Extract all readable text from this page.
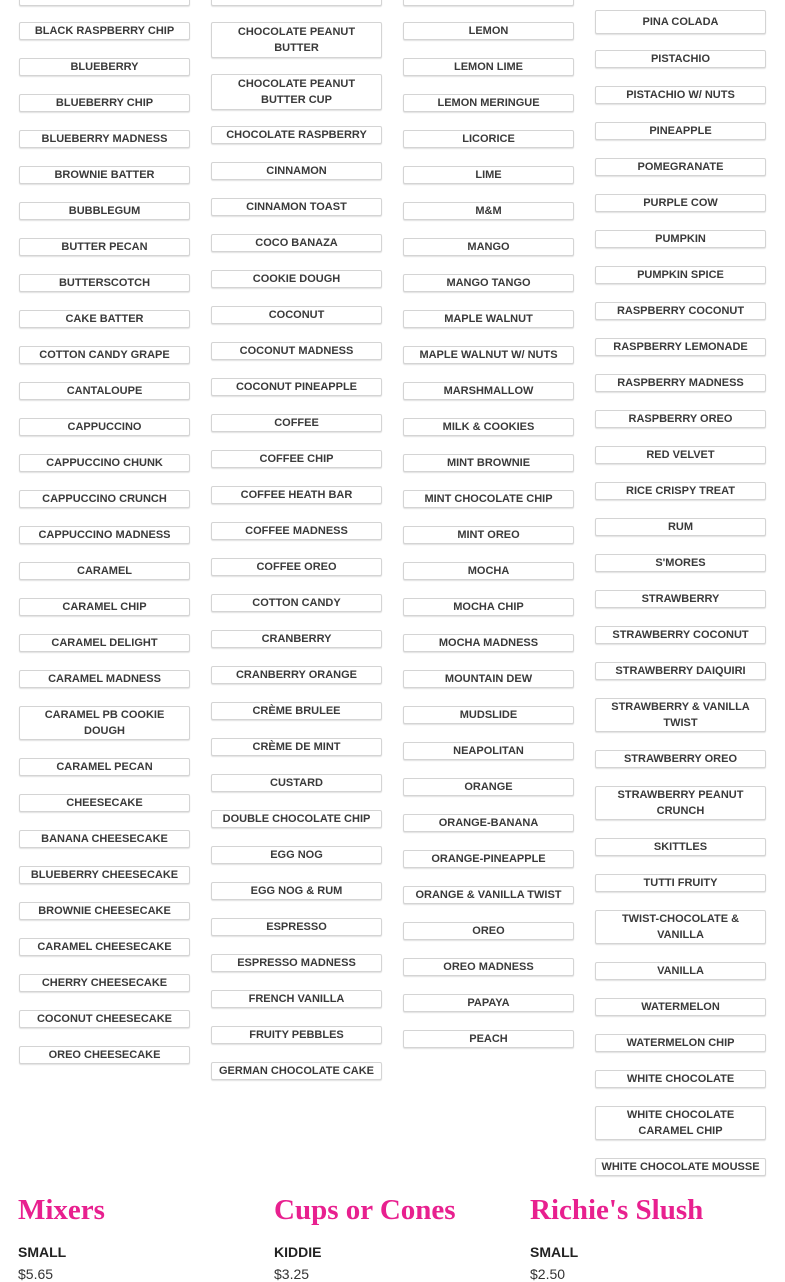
BLACK RASPBERRY CHIP
BLUEBERRY
BLUEBERRY CHIP
BLUEBERRY MADNESS
BROWNIE BATTER
BUBBLEGUM
BUTTER PECAN
BUTTERSCOTCH
CAKE BATTER
COTTON CANDY GRAPE
CANTALOUPE
CAPPUCCINO
CAPPUCCINO CHUNK
CAPPUCCINO CRUNCH
CAPPUCCINO MADNESS
CARAMEL
CARAMEL CHIP
CARAMEL DELIGHT
CARAMEL MADNESS
CARAMEL PB COOKIE DOUGH
CARAMEL PECAN
CHEESECAKE
BANANA CHEESECAKE
BLUEBERRY CHEESECAKE
BROWNIE CHEESECAKE
CARAMEL CHEESECAKE
CHERRY CHEESECAKE
COCONUT CHEESECAKE
OREO CHEESECAKE
CHOCOLATE PEANUT BUTTER
CHOCOLATE PEANUT BUTTER CUP
CHOCOLATE RASPBERRY
CINNAMON
CINNAMON TOAST
COCO BANAZA
COOKIE DOUGH
COCONUT
COCONUT MADNESS
COCONUT PINEAPPLE
COFFEE
COFFEE CHIP
COFFEE HEATH BAR
COFFEE MADNESS
COFFEE OREO
COTTON CANDY
CRANBERRY
CRANBERRY ORANGE
CRÈME BRULEE
CRÈME DE MINT
CUSTARD
DOUBLE CHOCOLATE CHIP
EGG NOG
EGG NOG & RUM
ESPRESSO
ESPRESSO MADNESS
FRENCH VANILLA
FRUITY PEBBLES
GERMAN CHOCOLATE CAKE
LEMON
LEMON LIME
LEMON MERINGUE
LICORICE
LIME
M&M
MANGO
MANGO TANGO
MAPLE WALNUT
MAPLE WALNUT W/ NUTS
MARSHMALLOW
MILK & COOKIES
MINT BROWNIE
MINT CHOCOLATE CHIP
MINT OREO
MOCHA
MOCHA CHIP
MOCHA MADNESS
MOUNTAIN DEW
MUDSLIDE
NEAPOLITAN
ORANGE
ORANGE-BANANA
ORANGE-PINEAPPLE
ORANGE & VANILLA TWIST
OREO
OREO MADNESS
PAPAYA
PEACH
PINA COLADA
PISTACHIO
PISTACHIO W/ NUTS
PINEAPPLE
POMEGRANATE
PURPLE COW
PUMPKIN
PUMPKIN SPICE
RASPBERRY COCONUT
RASPBERRY LEMONADE
RASPBERRY MADNESS
RASPBERRY OREO
RED VELVET
RICE CRISPY TREAT
RUM
S'MORES
STRAWBERRY
STRAWBERRY COCONUT
STRAWBERRY DAIQUIRI
STRAWBERRY & VANILLA TWIST
STRAWBERRY OREO
STRAWBERRY PEANUT CRUNCH
SKITTLES
TUTTI FRUITY
TWIST-CHOCOLATE & VANILLA
VANILLA
WATERMELON
WATERMELON CHIP
WHITE CHOCOLATE
WHITE CHOCOLATE CARAMEL CHIP
WHITE CHOCOLATE MOUSSE
Mixers
SMALL
$5.65
Cups or Cones
KIDDIE
$3.25
Richie's Slush
SMALL
$2.50
